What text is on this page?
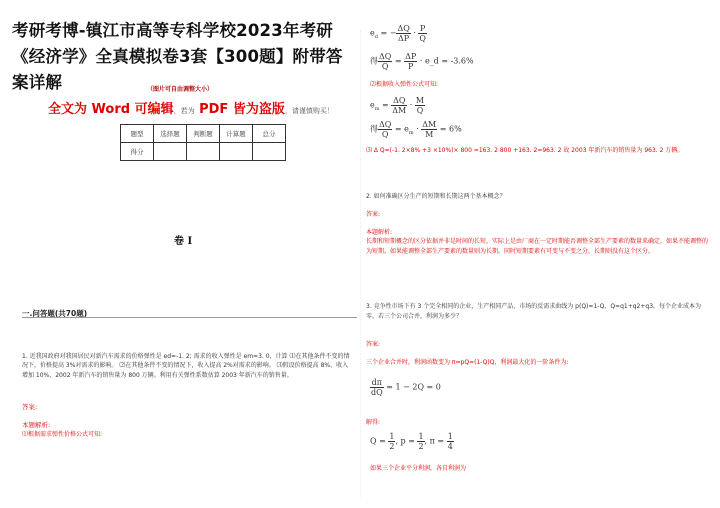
考研考博-镇江市高等专科学校2023年考研《经济学》全真模拟卷3套【300题】附带答案详解	（图片可自由调整大小）
全文为 Word 可编辑，若为 PDF 皆为盗版，请谨慎购买！
题型	选择题	判断题	计算题	总分
得分				
卷 I
一.问答题(共70题)
1. 近我国政府对我国居民对新汽车需求的价格弹性是 ed=-1. 2; 需求的收入弹性是 em=3. 0，计算 ⑴在其他条件不变的情况下，价格提高 3%对需求的影响。 ⑵在其他条件不变的情况下，收入提高 2%对需求的影响。 ⑶假设价格提高 8%，收入增加 10%，2002 年新汽车的销售量为 800 万辆。利用有关弹性系数估算 2003 年新汽车的销售量。
答案:
本题解析:
⑴根据需求弹性价格公式可知:
$e_d$ = − $\frac{\Delta Q}{\Delta P} \cdot \frac{P}{Q}$
得 $\frac{\Delta Q}{Q} = \frac{\Delta P}{P}$ · e_d = -3.6%
⑵根据收入弹性公式可知:
$e_m = \frac{\Delta Q}{\Delta M} \cdot \frac{M}{Q}$
得 $\frac{\Delta Q}{Q} = e_m \cdot \frac{\Delta M}{M} = 6\%$
⑶ Δ Q=(-1. 2×8% +3 ×10%)× 800 =163. 2 800 +163. 2=963. 2 故 2003 年新汽车的销售量为 963. 2 万辆。
2. 如何准确区分生产的短期和长期这两个基本概念？
答案:
本题解析:
长期和短期概念的区分依据并非是时间的长短，实际上是由厂商在一定时期能否调整全部生产要素的数量来确定。如果不能调整的为短期。如果能调整全部生产要素的数量则为长期。同时短期要素有可变与不变之分，长期则没有这个区分。
3. 竞争性市场下有 3 个完全相同的企业，生产相同产品，市场的反需求曲线为 p(Q)=1-Q，Q=q1+q2+q3。每个企业成本为零。若三个公司合并，利润为多少？
答案:
三个企业合并时，利润函数变为 π=pQ=(1-Q)Q，利润最大化的一阶条件为:
$\frac{d\pi}{dQ} = 1 - 2Q = 0$
解得:
$Q = \frac{1}{2}$ , $p = \frac{1}{2}$ , $\pi = \frac{1}{4}$
如果三个企业平分利润，各自利润为
